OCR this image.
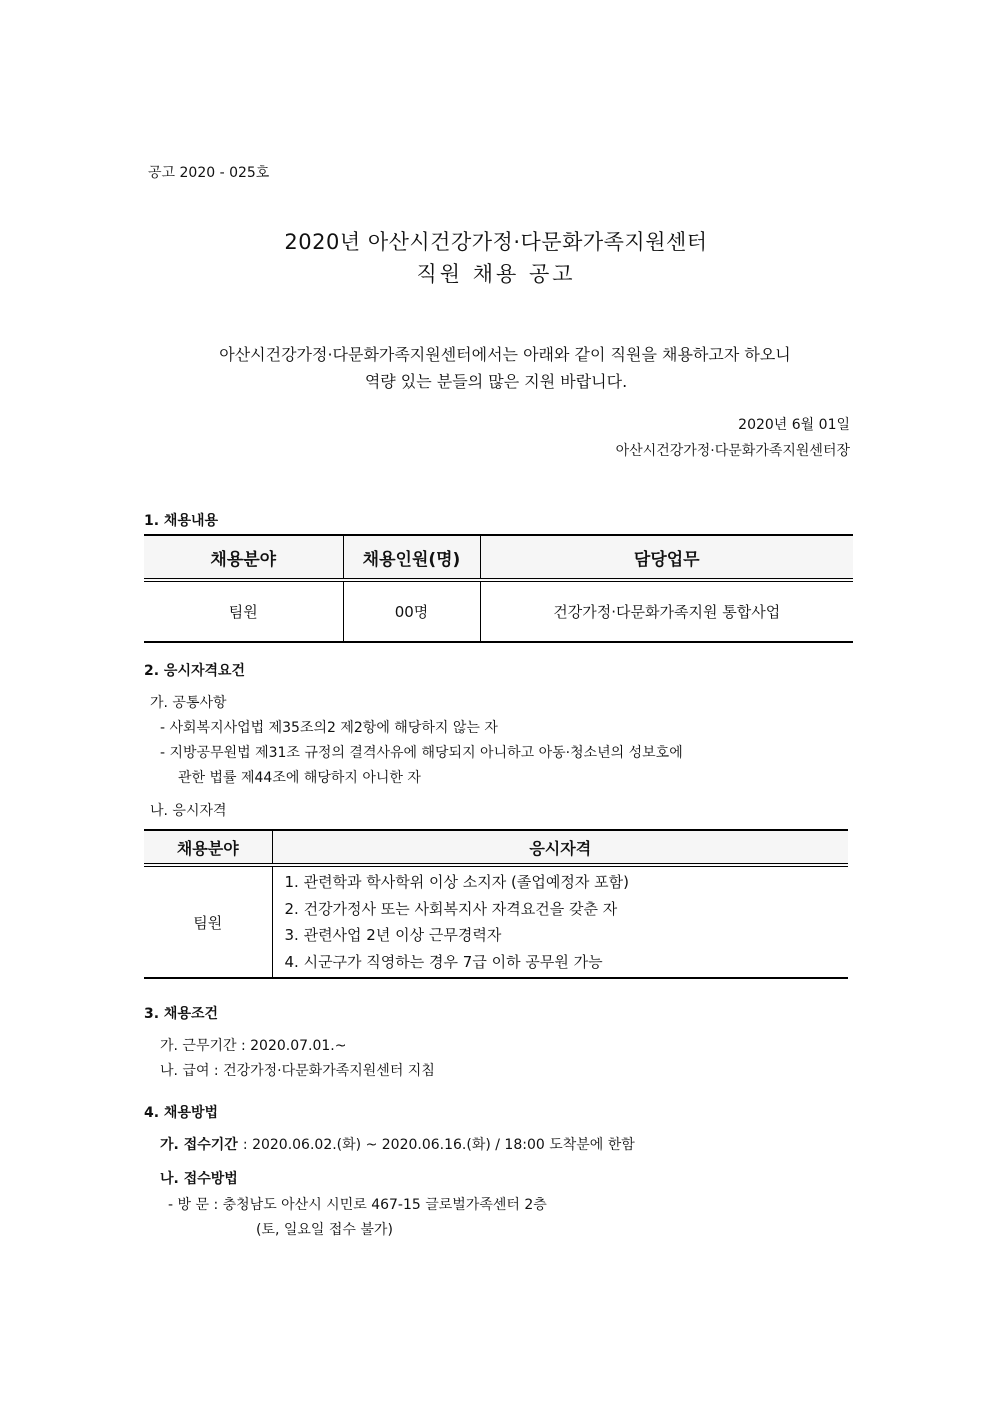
공고 2020 - 025호
2020년 아산시건강가정·다문화가족지원센터
직원 채용 공고
아산시건강가정·다문화가족지원센터에서는 아래와 같이 직원을 채용하고자 하오니
역량 있는 분들의 많은 지원 바랍니다.
2020년 6월 01일
아산시건강가정·다문화가족지원센터장
1. 채용내용
채용분야	채용인원(명)	담당업무
팀원	00명	건강가정·다문화가족지원 통합사업
2. 응시자격요건
가. 공통사항
- 사회복지사업법 제35조의2 제2항에 해당하지 않는 자
- 지방공무원법 제31조 규정의 결격사유에 해당되지 아니하고 아동·청소년의 성보호에
관한 법률 제44조에 해당하지 아니한 자
나. 응시자격
채용분야	응시자격
팀원	1. 관련학과 학사학위 이상 소지자 (졸업예정자 포함)
2. 건강가정사 또는 사회복지사 자격요건을 갖춘 자
3. 관련사업 2년 이상 근무경력자
4. 시군구가 직영하는 경우 7급 이하 공무원 가능
3. 채용조건
가. 근무기간 : 2020.07.01.~
나. 급여 : 건강가정·다문화가족지원센터 지침
4. 채용방법
가. 접수기간 : 2020.06.02.(화) ~ 2020.06.16.(화) / 18:00 도착분에 한함
나. 접수방법
- 방 문 : 충청남도 아산시 시민로 467-15 글로벌가족센터 2층
(토, 일요일 접수 불가)
